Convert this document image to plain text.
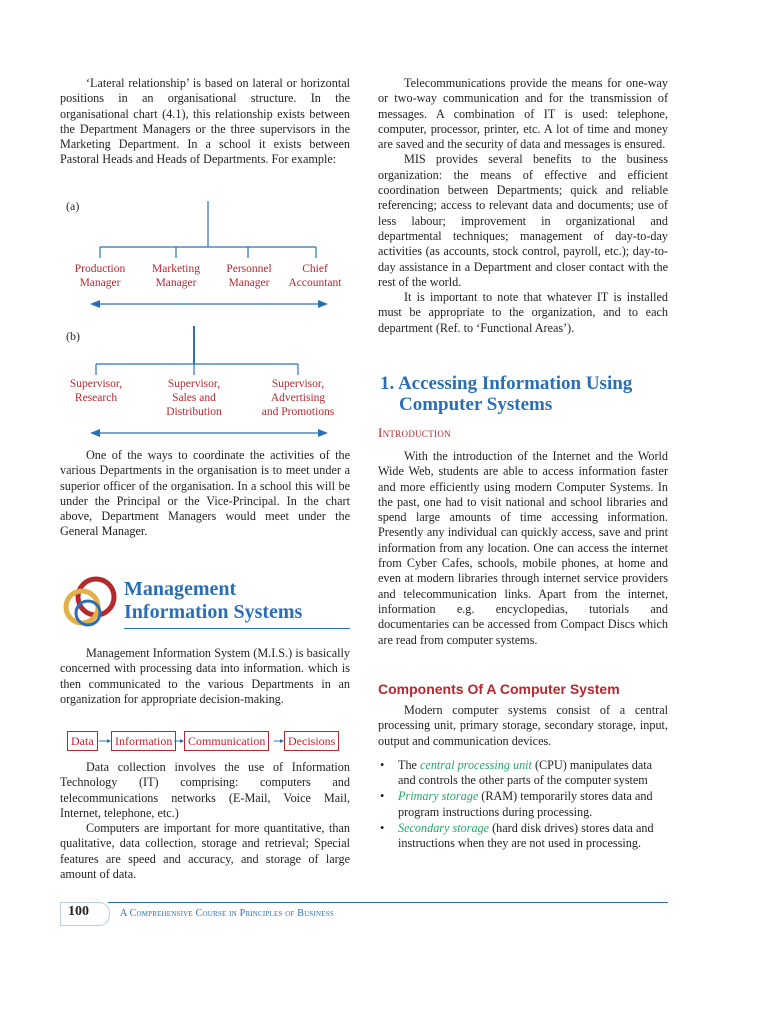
‘Lateral relationship’ is based on lateral or horizontal positions in an organisational structure. In the organisational chart (4.1), this relationship exists between the Department Managers or the three supervisors in the Marketing Department. In a school it exists between Pastoral Heads and Heads of Departments. For example:

(a)
Production
Manager
Marketing
Manager
Personnel
Manager
Chief
Accountant
(b)
Supervisor,
Research
Supervisor,
Sales and
Distribution
Supervisor,
Advertising
and Promotions

One of the ways to coordinate the activities of the various Departments in the organisation is to meet under a superior officer of the organisation. In a school this will be under the Principal or the Vice-Principal. In the chart above, Department Managers would meet under the General Manager.

Management
Information Systems

Management Information System (M.I.S.) is basically concerned with processing data into information. which is then communicated to the various Departments in an organization for appropriate decision-making.

Data	Information	Communication	Decisions

Data collection involves the use of Information Technology (IT) comprising: computers and telecommunications networks (E-Mail, Voice Mail, Internet, telephone, etc.)

Computers are important for more quantitative, than qualitative, data collection, storage and retrieval; Special features are speed and accuracy, and storage of large amount of data.

Telecommunications provide the means for one-way or two-way communication and for the transmission of messages. A combination of IT is used: telephone, computer, processor, printer, etc. A lot of time and money are saved and the security of data and messages is ensured.

MIS provides several benefits to the business organization: the means of effective and efficient coordination between Departments; quick and reliable referencing; access to relevant data and documents; use of less labour; improvement in organizational and departmental techniques; management of day-to-day activities (as accounts, stock control, payroll, etc.); day-to-day assistance in a Department and closer contact with the rest of the world.

It is important to note that whatever IT is installed must be appropriate to the organization, and to each department (Ref. to ‘Functional Areas’).

1. Accessing Information Using
Computer Systems
Introduction

With the introduction of the Internet and the World Wide Web, students are able to access information faster and more efficiently using modern Computer Systems. In the past, one had to visit national and school libraries and spend large amounts of time accessing information. Presently any individual can quickly access, save and print information from any location. One can access the internet from Cyber Cafes, schools, mobile phones, at home and even at modern libraries through internet service providers and telecommunication links. Apart from the internet, information e.g. encyclopedias, tutorials and documentaries can be accessed from Compact Discs which are read from computer systems.

Components Of A Computer System

Modern computer systems consist of a central processing unit, primary storage, secondary storage, input, output and communication devices.

• The central processing unit (CPU) manipulates data and controls the other parts of the computer system
• Primary storage (RAM) temporarily stores data and program instructions during processing.
• Secondary storage (hard disk drives) stores data and instructions when they are not used in processing.
100	A Comprehensive Course in Principles of Business
